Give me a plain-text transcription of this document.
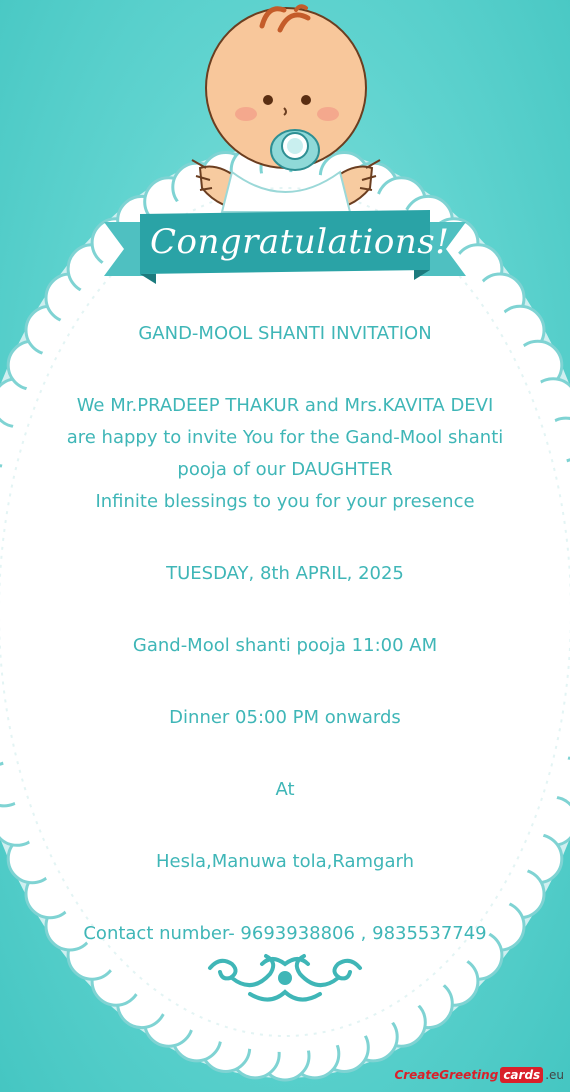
Congratulations!

GAND-MOOL SHANTI INVITATION

We Mr.PRADEEP THAKUR and Mrs.KAVITA DEVI

are happy to invite You for the Gand-Mool shanti

pooja of our DAUGHTER

Infinite blessings to you for your presence

TUESDAY, 8th APRIL, 2025

Gand-Mool shanti pooja 11:00 AM

Dinner 05:00 PM onwards

At

Hesla,Manuwa tola,Ramgarh

Contact number- 9693938806 , 9835537749

CreateGreeting cards .eu
